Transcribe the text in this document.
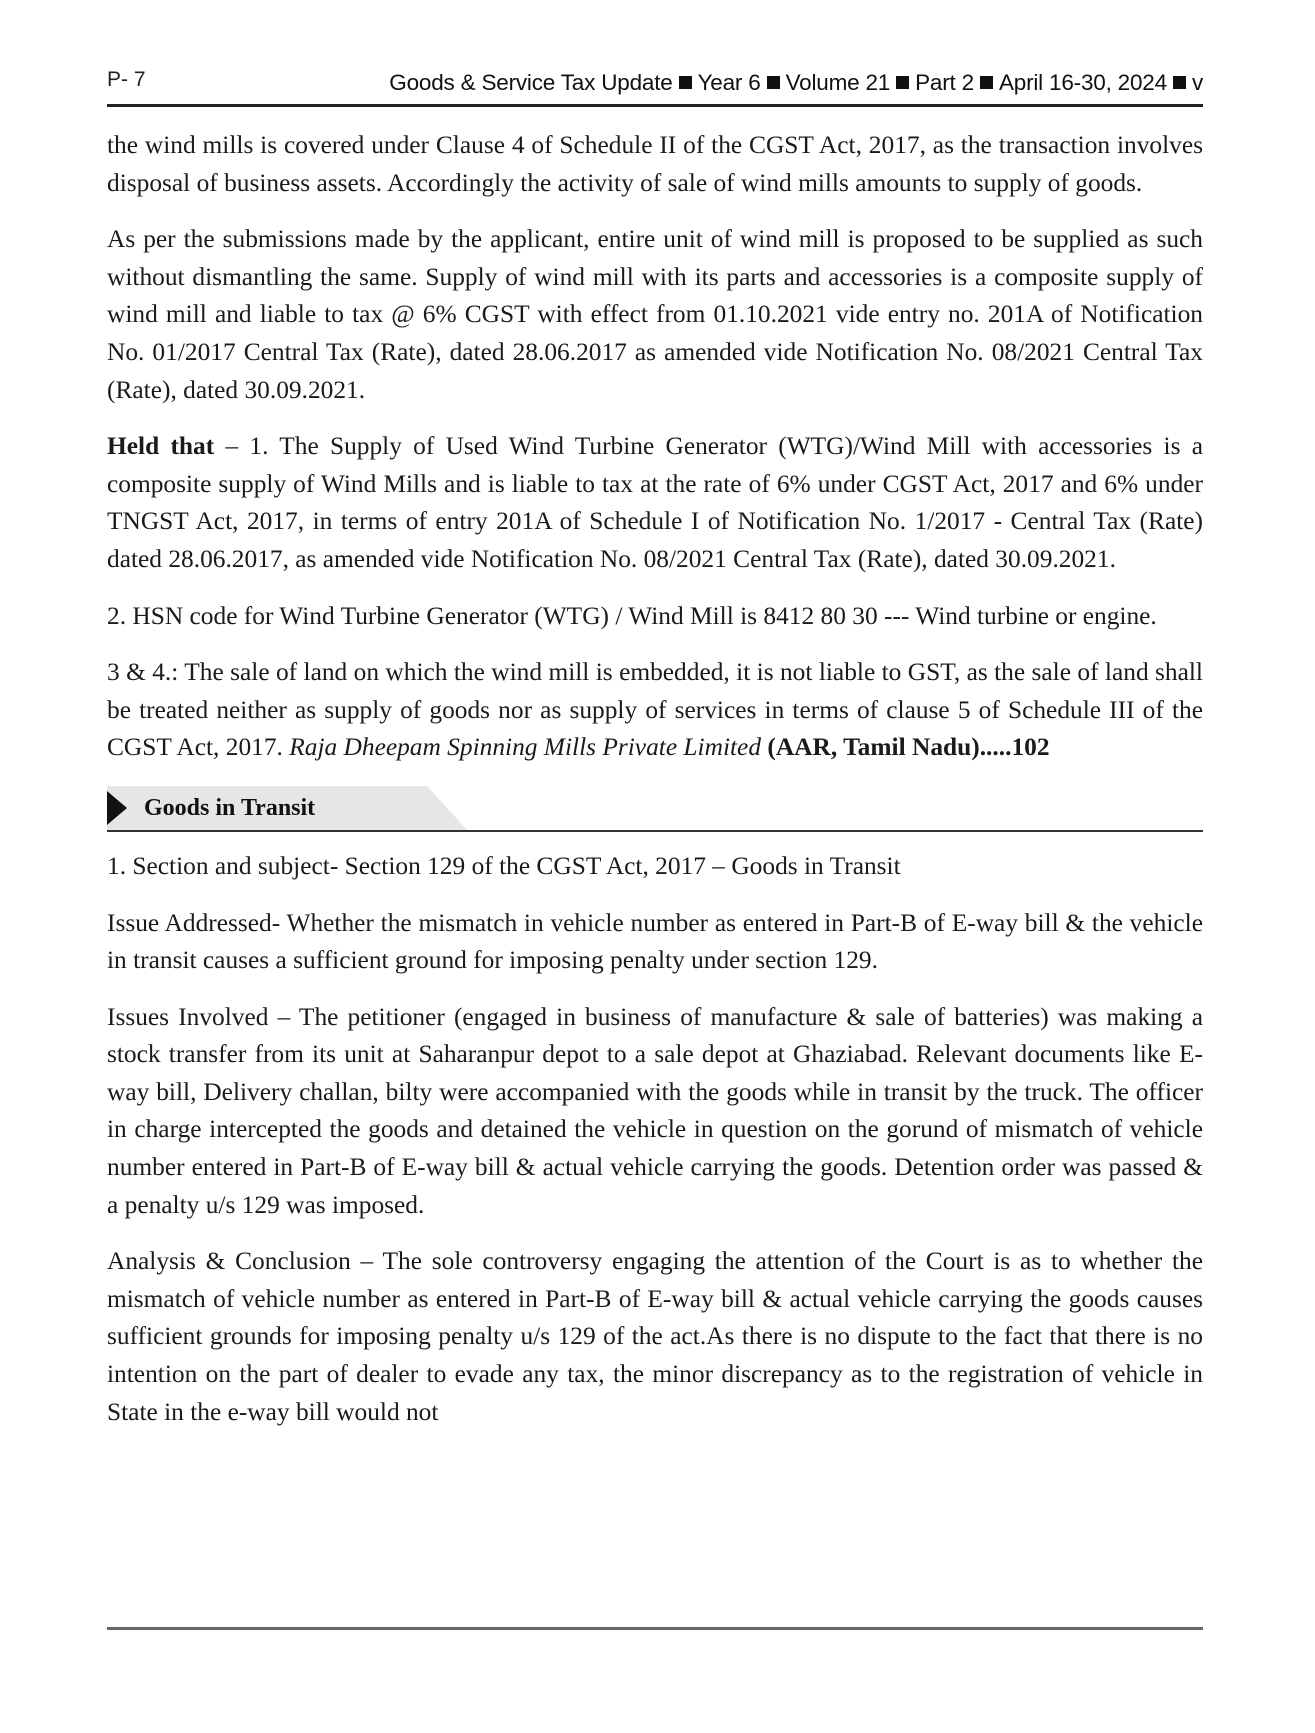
P- 7	Goods & Service Tax Update Year 6 Volume 21 Part 2 April 16-30, 2024 v

the wind mills is covered under Clause 4 of Schedule II of the CGST Act, 2017, as the transaction involves disposal of business assets. Accordingly the activity of sale of wind mills amounts to supply of goods.

As per the submissions made by the applicant, entire unit of wind mill is proposed to be supplied as such without dismantling the same. Supply of wind mill with its parts and accessories is a composite supply of wind mill and liable to tax @ 6% CGST with effect from 01.10.2021 vide entry no. 201A of Notification No. 01/2017 Central Tax (Rate), dated 28.06.2017 as amended vide Notification No. 08/2021 Central Tax (Rate), dated 30.09.2021.

Held that – 1. The Supply of Used Wind Turbine Generator (WTG)/Wind Mill with accessories is a composite supply of Wind Mills and is liable to tax at the rate of 6% under CGST Act, 2017 and 6% under TNGST Act, 2017, in terms of entry 201A of Schedule I of Notification No. 1/2017 - Central Tax (Rate) dated 28.06.2017, as amended vide Notification No. 08/2021 Central Tax (Rate), dated 30.09.2021.

2. HSN code for Wind Turbine Generator (WTG) / Wind Mill is 8412 80 30 --- Wind turbine or engine.

3 & 4.: The sale of land on which the wind mill is embedded, it is not liable to GST, as the sale of land shall be treated neither as supply of goods nor as supply of services in terms of clause 5 of Schedule III of the CGST Act, 2017. Raja Dheepam Spinning Mills Private Limited (AAR, Tamil Nadu).....102

Goods in Transit

1. Section and subject- Section 129 of the CGST Act, 2017 – Goods in Transit

Issue Addressed- Whether the mismatch in vehicle number as entered in Part-B of E-way bill & the vehicle in transit causes a sufficient ground for imposing penalty under section 129.

Issues Involved – The petitioner (engaged in business of manufacture & sale of batteries) was making a stock transfer from its unit at Saharanpur depot to a sale depot at Ghaziabad. Relevant documents like E-way bill, Delivery challan, bilty were accompanied with the goods while in transit by the truck. The officer in charge intercepted the goods and detained the vehicle in question on the gorund of mismatch of vehicle number entered in Part-B of E-way bill & actual vehicle carrying the goods. Detention order was passed & a penalty u/s 129 was imposed.

Analysis & Conclusion – The sole controversy engaging the attention of the Court is as to whether the mismatch of vehicle number as entered in Part-B of E-way bill & actual vehicle carrying the goods causes sufficient grounds for imposing penalty u/s 129 of the act.As there is no dispute to the fact that there is no intention on the part of dealer to evade any tax, the minor discrepancy as to the registration of vehicle in State in the e-way bill would not
